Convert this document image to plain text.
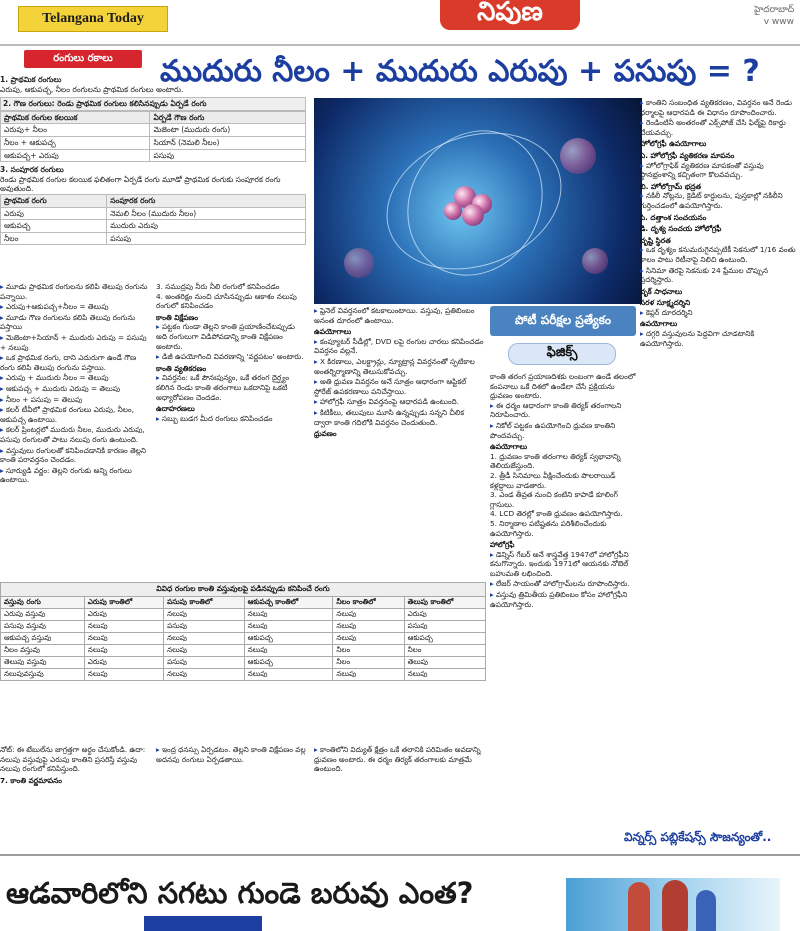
Telangana Today	నిపుణ	హైదరాబాద్ v www
రంగులు రకాలు	ముదురు నీలం + ముదురు ఎరుపు + పసుపు = ?
1. ప్రాథమిక రంగులు
ఎరుపు, ఆకుపచ్చ, నీలం రంగులను ప్రాథమిక రంగులు అంటారు.
2. గౌణ రంగులు: రెండు ప్రాథమిక రంగులు కలిసినప్పుడు ఏర్పడే రంగు
ప్రాథమిక రంగుల కలయిక	ఏర్పడే గౌణ రంగు
ఎరుపు+ నీలం	మెజెంటా (ముదురు రంగు)
నీలం + ఆకుపచ్చ	సియాన్ (నెమలి నీలం)
ఆకుపచ్చ+ ఎరుపు	పసుపు
3. సంపూరక రంగులు
రెండు ప్రాథమిక రంగుల కలయిక ఫలితంగా ఏర్పడే రంగు మూడో ప్రాథమిక రంగుకు సంపూరక రంగు అవుతుంది.
ప్రాథమిక రంగు	సంపూరక రంగు
ఎరుపు	నెమలి నీలం (ముదురు నీలం)
ఆకుపచ్చ	ముదురు ఎరుపు
నీలం	పసుపు
▸ మూడు ప్రాథమిక రంగులను కలిపి తెలుపు రంగును పన్నాయి.
▸ ఎరుపు+ఆకుపచ్చ+నీలం = తెలుపు
▸ మూడు గౌణ రంగులను కలిపి తెలుపు రంగును పస్తాయి
▸ మెజెంటా+సియాన్ + ముదురు ఎరుపు = పసుపు + నలుపు
▸ ఒక ప్రాథమిక రంగు, దాని ఎదురుగా ఉండే గౌణ రంగు కలిపి తెలుపు రంగును పస్తాయి.
▸ ఎరుపు + ముదురు నీలం = తెలుపు
▸ ఆకుపచ్చ + ముదురు ఎరుపు = తెలుపు
▸ నీలం + పసుపు = తెలుపు
▸ కలర్ టీవీలో ప్రాథమిక రంగులు ఎరుపు, నీలం, ఆకుపచ్చ ఉంటాయి.
▸ కలర్ ప్రింటర్లలో ముదురు నీలం, ముదురు ఎరుపు, పసుపు రంగులతో పాటు నలుపు రంగు ఉంటుంది.
▸ వస్తువులు రంగులతో కనిపించడానికి కారణం తెల్లని కాంతి పరావర్తనం చెందడం.
▸ సూర్యుడి వర్ణం: తెల్లని రంగుకు అన్ని రంగులు ఉంటాయి.
3. సముద్రపు నీరు నీలి రంగులో కనిపించడం
4. అంతరిక్షం నుంచి చూసినప్పుడు ఆకాశం నలుపు రంగులో కనిపించడం
కాంతి విక్షేపణం
▸ పట్టకం గుండా తెల్లని కాంతి ప్రయాణించేటప్పుడు అది రంగులుగా విడిపోవడాన్ని కాంతి విక్షేపణం అంటారు.
▸ డిజీ ఉపయోగించి వివరణాన్ని 'వర్ణపటం' అంటారు.
కాంతి వ్యతికరణం
▸ వివర్తనం: ఒకే పౌనఃపున్యం, ఒకే తరంగ దైర్ఘ్యం కలిగిన రెండు కాంతి తరంగాలు ఒకదానిపై ఒకటి అధ్యారోపణం చెందడం.
ఉదాహరణలు
▸ సబ్బు బుడగ మీద రంగులు కనిపించడం
▸ ఫ్రెనెల్ వివర్తనంలో కటకాలుంటాయి. వస్తువు, ప్రతిబింబం అనంత దూరంలో ఉంటాయి.
ఉపయోగాలు
▸ కంప్యూటర్ సీడీల్లో, DVD లపై రంగుల చారలు కనిపించడం వివర్తనం వల్లనే.
▸ X కిరణాలు, ఎలక్ట్రాన్లు, న్యూట్రాన్ల వివర్తనంతో స్ఫటికాల అంతర్నిర్మాణాన్ని తెలుసుకోవచ్చు.
▸ అతి ధ్రువణ వివర్తనం అనే సూత్రం ఆధారంగా ఆప్టికల్ స్టోరేజ్ ఉపకరణాలు పనిచేస్తాయి.
▸ హాలోగ్రఫీ సూత్రం వివర్తనంపై ఆధారపడి ఉంటుంది.
▸ కిటికీలు, తలుపులు మూసి ఉన్నప్పుడు సన్నని చీలిక ద్వారా కాంతి గదిలోకి వివర్తనం చెందుతుంది.
ధ్రువణం
పోటీ పరీక్షల ప్రత్యేకం
ఫిజిక్స్
కాంతి తరంగ ప్రయాణదిశకు లంబంగా ఉండే తలంలో కంపనాలు ఒకే దిశలో ఉండేలా చేసే ప్రక్రియను ధ్రువణం అంటారు.
▸ ఈ ధర్మం ఆధారంగా కాంతి తిర్యక్ తరంగాలని నిరూపించారు.
▸ నికోల్ పట్టకం ఉపయోగించి ధ్రువణ కాంతిని పొందవచ్చు.
ఉపయోగాలు
1. ధ్రువణం కాంతి తరంగాల తిర్యక్ స్వభావాన్ని తెలియజేస్తుంది.
2. త్రీడీ సినిమాలు వీక్షించేందుకు పొలరాయిడ్ కళ్లద్దాలు వాడతారు.
3. ఎండ తీవ్రత నుంచి కంటిని కాపాడే కూలింగ్ గ్లాసులు.
4. LCD తెరల్లో కాంతి ధ్రువణం ఉపయోగిస్తారు.
5. నిర్మాణాల పటిష్టతను పరిశీలించేందుకు ఉపయోగిస్తారు.
హాలోగ్రఫీ
▸ డెన్నిస్ గేబర్ అనే శాస్త్రవేత్త 1947లో హాలోగ్రఫీని కనుగొన్నారు. ఇందుకు 1971లో ఆయనకు నోబెల్ బహుమతి లభించింది.
▸ లేజర్ సాయంతో హాలోగ్రామ్‌లను రూపొందిస్తారు.
▸ వస్తువు త్రిమితీయ ప్రతిబింబం కోసం హాలోగ్రఫీని ఉపయోగిస్తారు.
▸ కాంతిని సంబంధిత వ్యతికరణం, వివర్తనం అనే రెండు ధర్మాలపై ఆధారపడి ఈ విధానం రూపొందించారు.
▸ రెండింటినీ అంతరంతో ఎక్స్‌పోజ్ చేసి ఫిల్మ్‌పై రికార్డు చేయవచ్చు.
హోలోగ్రఫీ ఉపయోగాలు
ఎ. హోలోగ్రఫీ వ్యతికరణ మాపనం
▸ హోలోగ్రాఫిక్ వ్యతికరణ మాపకంతో వస్తువు స్థానభ్రంశాన్ని కచ్చితంగా కొలవవచ్చు.
బి. హోలోగ్రామ్ భద్రత
▸ నకిలీ నోట్లను, క్రెడిట్ కార్డులను, పుస్తకాల్లో నకిలీని గుర్తించడంలో ఉపయోగిస్తారు.
సి. దత్తాంశ సంచయనం
డి. దృశ్య సంచయ హోలోగ్రఫీ
దృష్టి స్థిరత
▸ ఒక దృశ్యం కనుమరుగైనప్పటికీ సెకనులో 1/16 వంతు కాలం పాటు రెటీనాపై నిలిచి ఉంటుంది.
▸ సినిమా తెరపై సెకనుకు 24 ఫ్రేముల చొప్పున ప్రదర్శిస్తారు.
దృక్ సాధనాలు
సరళ సూక్ష్మదర్శిని
▸ కెప్లర్ దూరదర్శిని
ఉపయోగాలు
▸ దగ్గరి వస్తువులను పెద్దవిగా చూడటానికి ఉపయోగిస్తారు.
వివిధ రంగుల కాంతి వస్తువులపై పడినప్పుడు కనిపించే రంగు
వస్తువు రంగు	ఎరుపు కాంతిలో	పసుపు కాంతిలో	ఆకుపచ్చ కాంతిలో	నీలం కాంతిలో	తెలుపు కాంతిలో
ఎరుపు వస్తువు	ఎరుపు	నలుపు	నలుపు	నలుపు	ఎరుపు
పసుపు వస్తువు	నలుపు	పసుపు	నలుపు	నలుపు	పసుపు
ఆకుపచ్చ వస్తువు	నలుపు	నలుపు	ఆకుపచ్చ	నలుపు	ఆకుపచ్చ
నీలం వస్తువు	నలుపు	నలుపు	నలుపు	నీలం	నీలం
తెలుపు వస్తువు	ఎరుపు	పసుపు	ఆకుపచ్చ	నీలం	తెలుపు
నలుపువస్తువు	నలుపు	నలుపు	నలుపు	నలుపు	నలుపు
నోట్: ఈ టేబుల్‌ను జాగ్రత్తగా అర్థం చేసుకోండి. ఉదా: నలుపు వస్తువుపై ఎరుపు కాంతిని ప్రసరిస్తే వస్తువు నలుపు రంగులో కనిపిస్తుంది.
7. కాంతి వర్ణమాపనం
▸ ఇంద్ర ధనస్సు ఏర్పడటం. తెల్లని కాంతి విక్షేపణం వల్ల అదనపు రంగులు ఏర్పడతాయి.
▸ కాంతిలోని విద్యుత్ క్షేత్రం ఒకే తలానికి పరిమితం అవడాన్ని ధ్రువణం అంటారు. ఈ ధర్మం తిర్యక్ తరంగాలకు మాత్రమే ఉంటుంది.
విన్నర్స్ పబ్లికేషన్స్ సౌజన్యంతో..
ఆడవారిలోని సగటు గుండె బరువు ఎంత?
